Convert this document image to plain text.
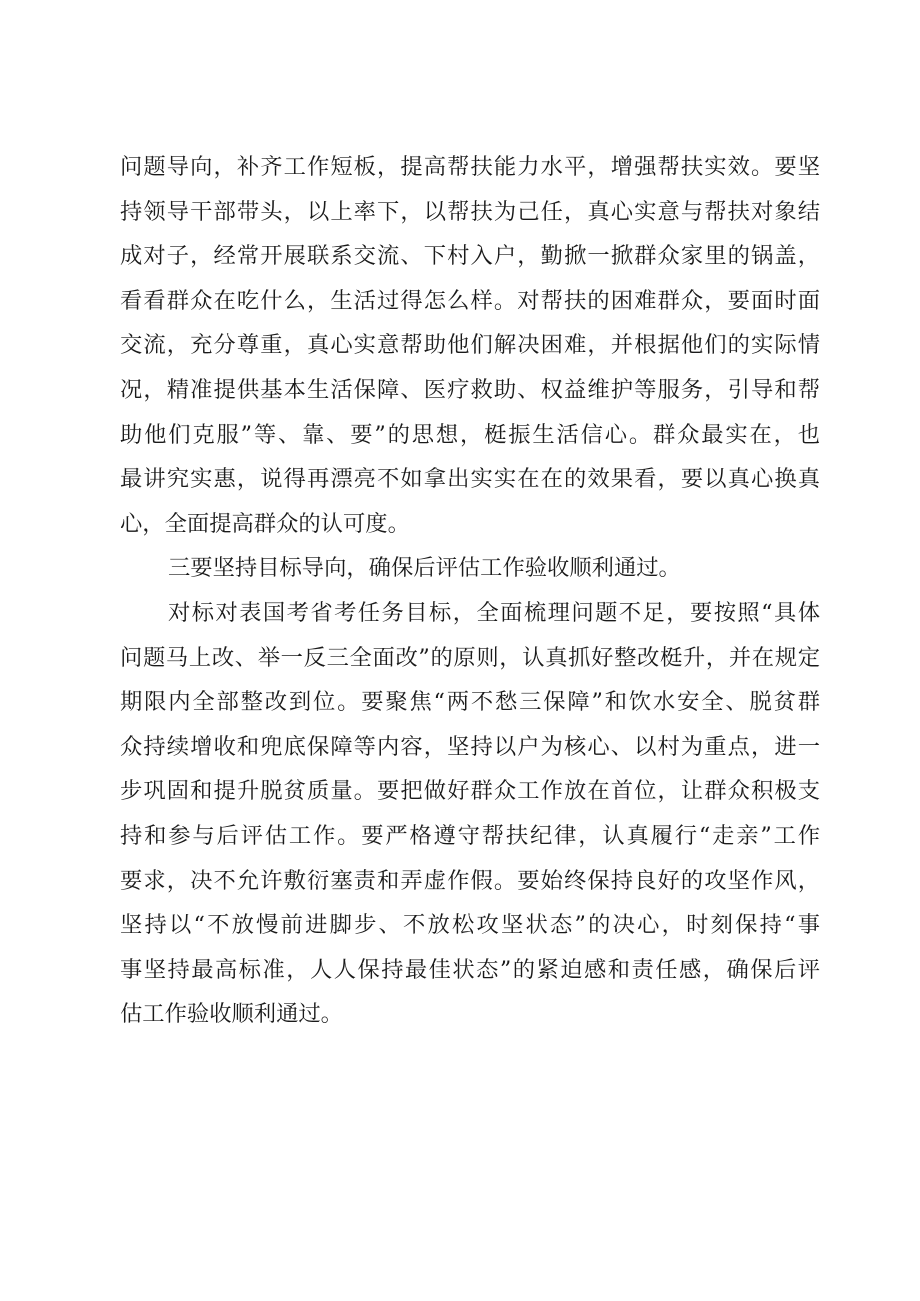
问题导向，补齐工作短板，提高帮扶能力水平，增强帮扶实效。要坚
持领导干部带头，以上率下，以帮扶为己任，真心实意与帮扶对象结
成对子，经常开展联系交流、下村入户，勤掀一掀群众家里的锅盖，
看看群众在吃什么，生活过得怎么样。对帮扶的困难群众，要面时面
交流，充分尊重，真心实意帮助他们解决困难，并根据他们的实际情
况，精准提供基本生活保障、医疗救助、权益维护等服务，引导和帮
助他们克服”等、靠、要”的思想，梃振生活信心。群众最实在，也
最讲究实惠，说得再漂亮不如拿出实实在在的效果看，要以真心换真
心，全面提高群众的认可度。
三要坚持目标导向，确保后评估工作验收顺利通过。
对标对表国考省考任务目标，全面梳理问题不足，要按照“具体
问题马上改、举一反三全面改”的原则，认真抓好整改梃升，并在规定
期限内全部整改到位。要聚焦“两不愁三保障”和饮水安全、脱贫群
众持续增收和兜底保障等内容，坚持以户为核心、以村为重点，进一
步巩固和提升脱贫质量。要把做好群众工作放在首位，让群众积极支
持和参与后评估工作。要严格遵守帮扶纪律，认真履行“走亲”工作
要求，决不允许敷衍塞责和弄虚作假。要始终保持良好的攻坚作风，
坚持以“不放慢前进脚步、不放松攻坚状态”的决心，时刻保持“事
事坚持最高标准，人人保持最佳状态”的紧迫感和责任感，确保后评
估工作验收顺利通过。
